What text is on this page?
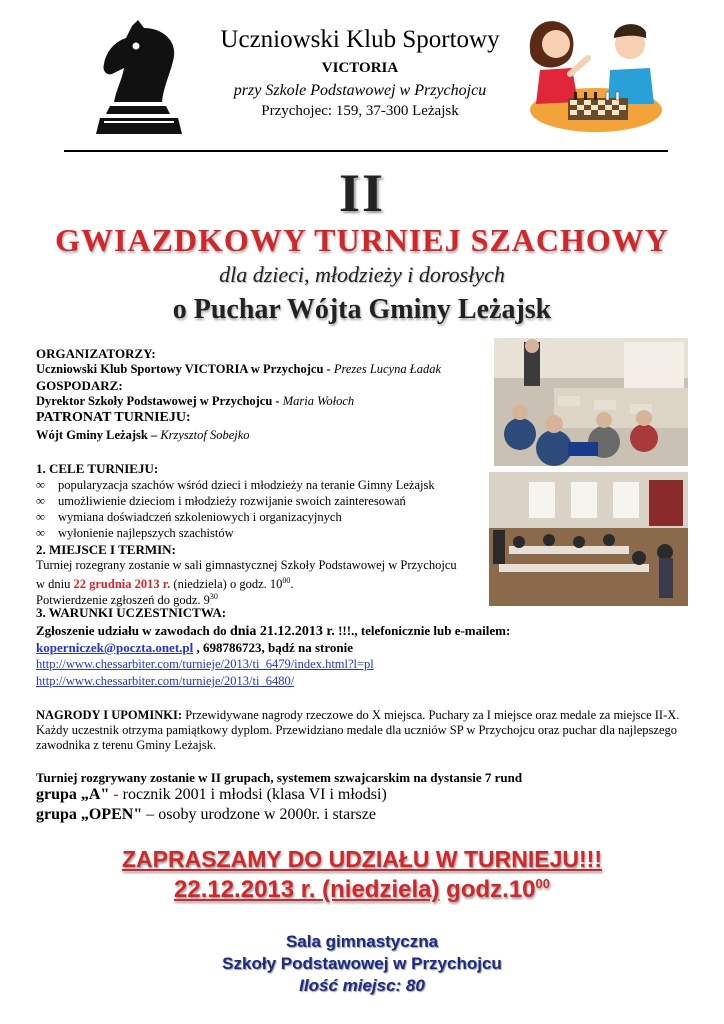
Uczniowski Klub Sportowy
VICTORIA
przy Szkole Podstawowej w Przychojcu
Przychojec: 159, 37-300 Leżajsk
II
GWIAZDKOWY TURNIEJ SZACHOWY
dla dzieci, młodzieży i dorosłych
o Puchar Wójta Gminy Leżajsk
ORGANIZATORZY:
Uczniowski Klub Sportowy VICTORIA w Przychojcu - Prezes Lucyna Ładak
GOSPODARZ:
Dyrektor Szkoły Podstawowej w Przychojcu - Maria Wołoch
PATRONAT TURNIEJU:
Wójt Gminy Leżajsk – Krzysztof Sobejko
1. CELE TURNIEJU:
∞ popularyzacja szachów wśród dzieci i młodzieży na teranie Gimny Leżajsk
∞ umożliwienie dzieciom i młodzieży rozwijanie swoich zainteresowań
∞ wymiana doświadczeń szkoleniowych i organizacyjnych
∞ wyłonienie najlepszych szachistów
2. MIEJSCE I TERMIN:
Turniej rozegrany zostanie w sali gimnastycznej Szkoły Podstawowej w Przychojcu
w dniu 22 grudnia 2013 r. (niedziela) o godz. $10^{00}$.
Potwierdzenie zgłoszeń do godz. $9^{30}$
3. WARUNKI UCZESTNICTWA:
Zgłoszenie udziału w zawodach do dnia 21.12.2013 r. !!!., telefonicznie lub e-mailem:
koperniczek@poczta.onet.pl , 698786723, bądź na stronie
http://www.chessarbiter.com/turnieje/2013/ti_6479/index.html?l=pl
http://www.chessarbiter.com/turnieje/2013/ti_6480/
NAGRODY I UPOMINKI: Przewidywane nagrody rzeczowe do X miejsca. Puchary za I miejsce oraz medale za miejsce II-X. Każdy uczestnik otrzyma pamiątkowy dyplom. Przewidziano medale dla uczniów SP w Przychojcu oraz puchar dla najlepszego zawodnika z terenu Gminy Leżajsk.
Turniej rozgrywany zostanie w II grupach, systemem szwajcarskim na dystansie 7 rund
grupa „A" - rocznik 2001 i młodsi (klasa VI i młodsi)
grupa „OPEN" – osoby urodzone w 2000r. i starsze
ZAPRASZAMY DO UDZIAŁU W TURNIEJU!!!
22.12.2013 r. (niedziela) $godz.10^{00}$
Sala gimnastyczna
Szkoły Podstawowej w Przychojcu
Ilość miejsc: 80
